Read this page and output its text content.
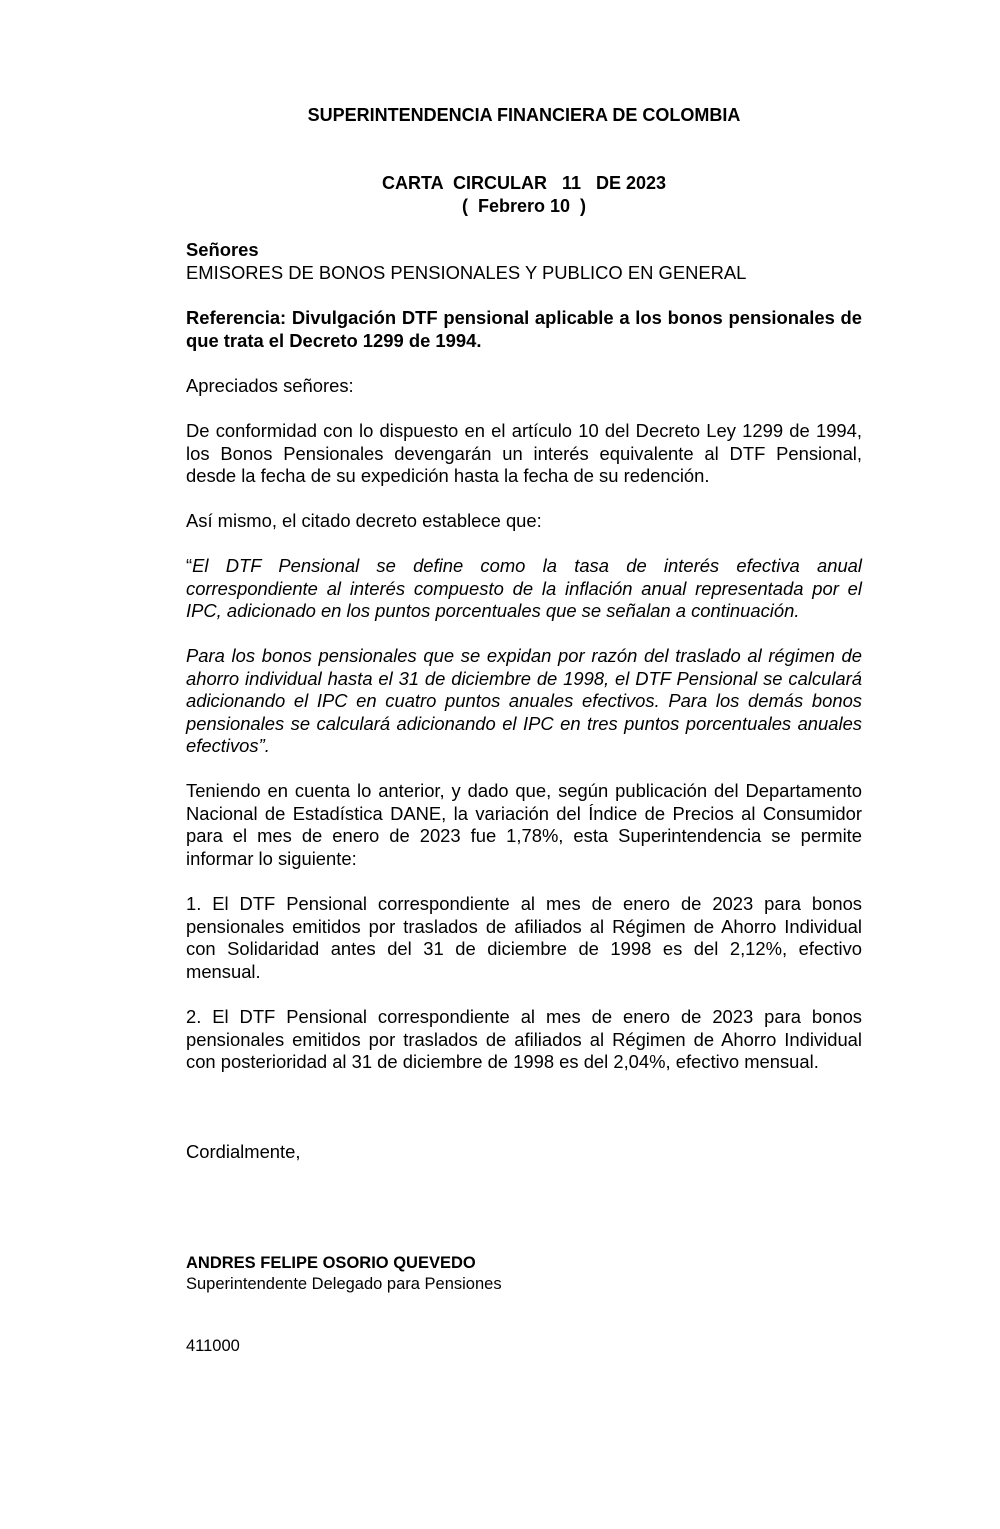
SUPERINTENDENCIA FINANCIERA DE COLOMBIA

CARTA  CIRCULAR   11   DE 2023

(  Febrero 10  )

Señores

EMISORES DE BONOS PENSIONALES Y PUBLICO EN GENERAL

Referencia: Divulgación DTF pensional aplicable a los bonos pensionales de que trata el Decreto 1299 de 1994.

Apreciados señores:

De conformidad con lo dispuesto en el artículo 10 del Decreto Ley 1299 de 1994, los Bonos Pensionales devengarán un interés equivalente al DTF Pensional, desde la fecha de su expedición hasta la fecha de su redención.

Así mismo, el citado decreto establece que:

“El DTF Pensional se define como la tasa de interés efectiva anual correspondiente al interés compuesto de la inflación anual representada por el IPC, adicionado en los puntos porcentuales que se señalan a continuación.

Para los bonos pensionales que se expidan por razón del traslado al régimen de ahorro individual hasta el 31 de diciembre de 1998, el DTF Pensional se calculará adicionando el IPC en cuatro puntos anuales efectivos. Para los demás bonos pensionales se calculará adicionando el IPC en tres puntos porcentuales anuales efectivos”.

Teniendo en cuenta lo anterior, y dado que, según publicación del Departamento Nacional de Estadística DANE, la variación del Índice de Precios al Consumidor para el mes de enero de 2023 fue 1,78%, esta Superintendencia se permite informar lo siguiente:

1. El DTF Pensional correspondiente al mes de enero de 2023 para bonos pensionales emitidos por traslados de afiliados al Régimen de Ahorro Individual con Solidaridad antes del 31 de diciembre de 1998 es del 2,12%, efectivo mensual.

2. El DTF Pensional correspondiente al mes de enero de 2023 para bonos pensionales emitidos por traslados de afiliados al Régimen de Ahorro Individual con posterioridad al 31 de diciembre de 1998 es del 2,04%, efectivo mensual.

Cordialmente,

ANDRES FELIPE OSORIO QUEVEDO

Superintendente Delegado para Pensiones

411000
